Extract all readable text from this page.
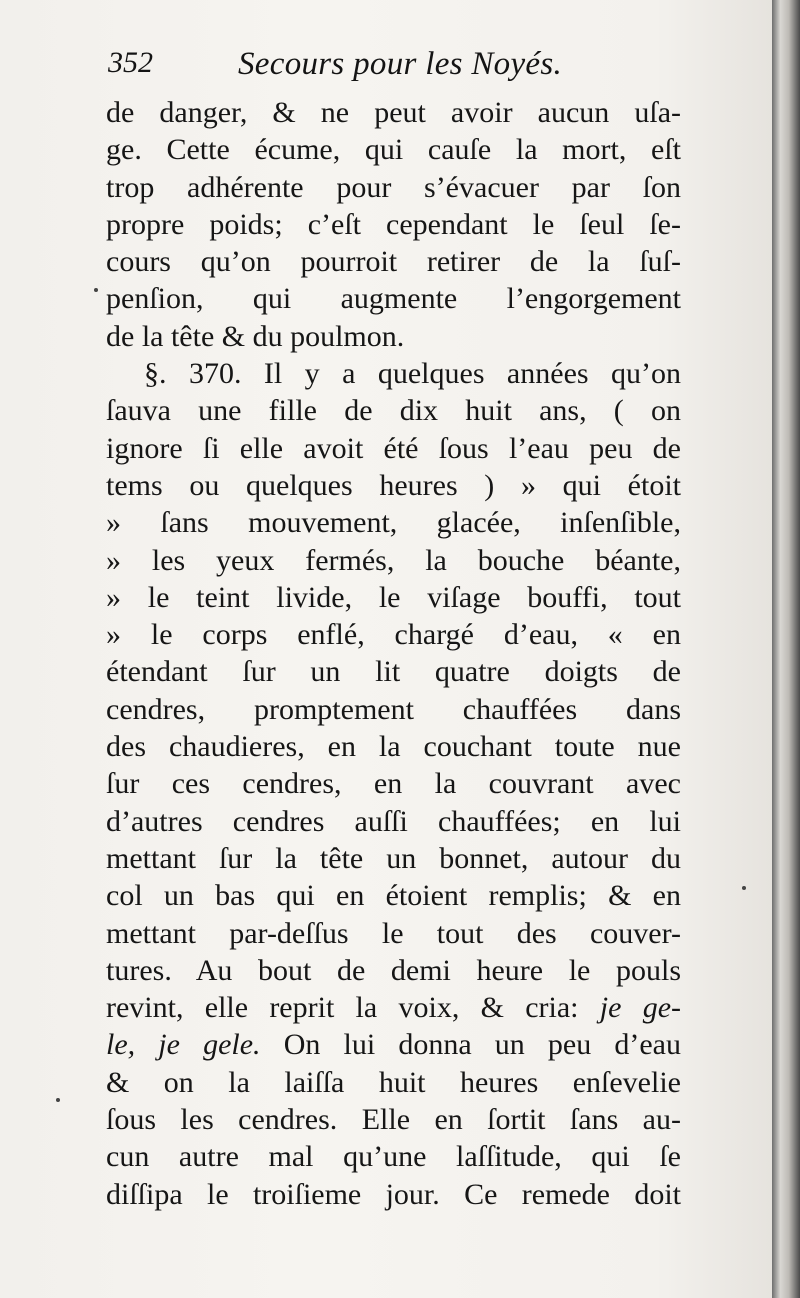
352	Secours pour les Noyés.
de danger, & ne peut avoir aucun uſa-
ge. Cette écume, qui cauſe la mort, eſt
trop adhérente pour s’évacuer par ſon
propre poids; c’eſt cependant le ſeul ſe-
cours qu’on pourroit retirer de la ſuſ-
penſion, qui augmente l’engorgement
de la tête & du poulmon.
§. 370. Il y a quelques années qu’on
ſauva une fille de dix huit ans, ( on
ignore ſi elle avoit été ſous l’eau peu de
tems ou quelques heures ) » qui étoit
» ſans mouvement, glacée, inſenſible,
» les yeux fermés, la bouche béante,
» le teint livide, le viſage bouffi, tout
» le corps enflé, chargé d’eau, « en
étendant ſur un lit quatre doigts de
cendres, promptement chauffées dans
des chaudieres, en la couchant toute nue
ſur ces cendres, en la couvrant avec
d’autres cendres auſſi chauffées; en lui
mettant ſur la tête un bonnet, autour du
col un bas qui en étoient remplis; & en
mettant par-deſſus le tout des couver-
tures. Au bout de demi heure le pouls
revint, elle reprit la voix, & cria: je ge-
le, je gele. On lui donna un peu d’eau
& on la laiſſa huit heures enſevelie
ſous les cendres. Elle en ſortit ſans au-
cun autre mal qu’une laſſitude, qui ſe
diſſipa le troiſieme jour. Ce remede doit
